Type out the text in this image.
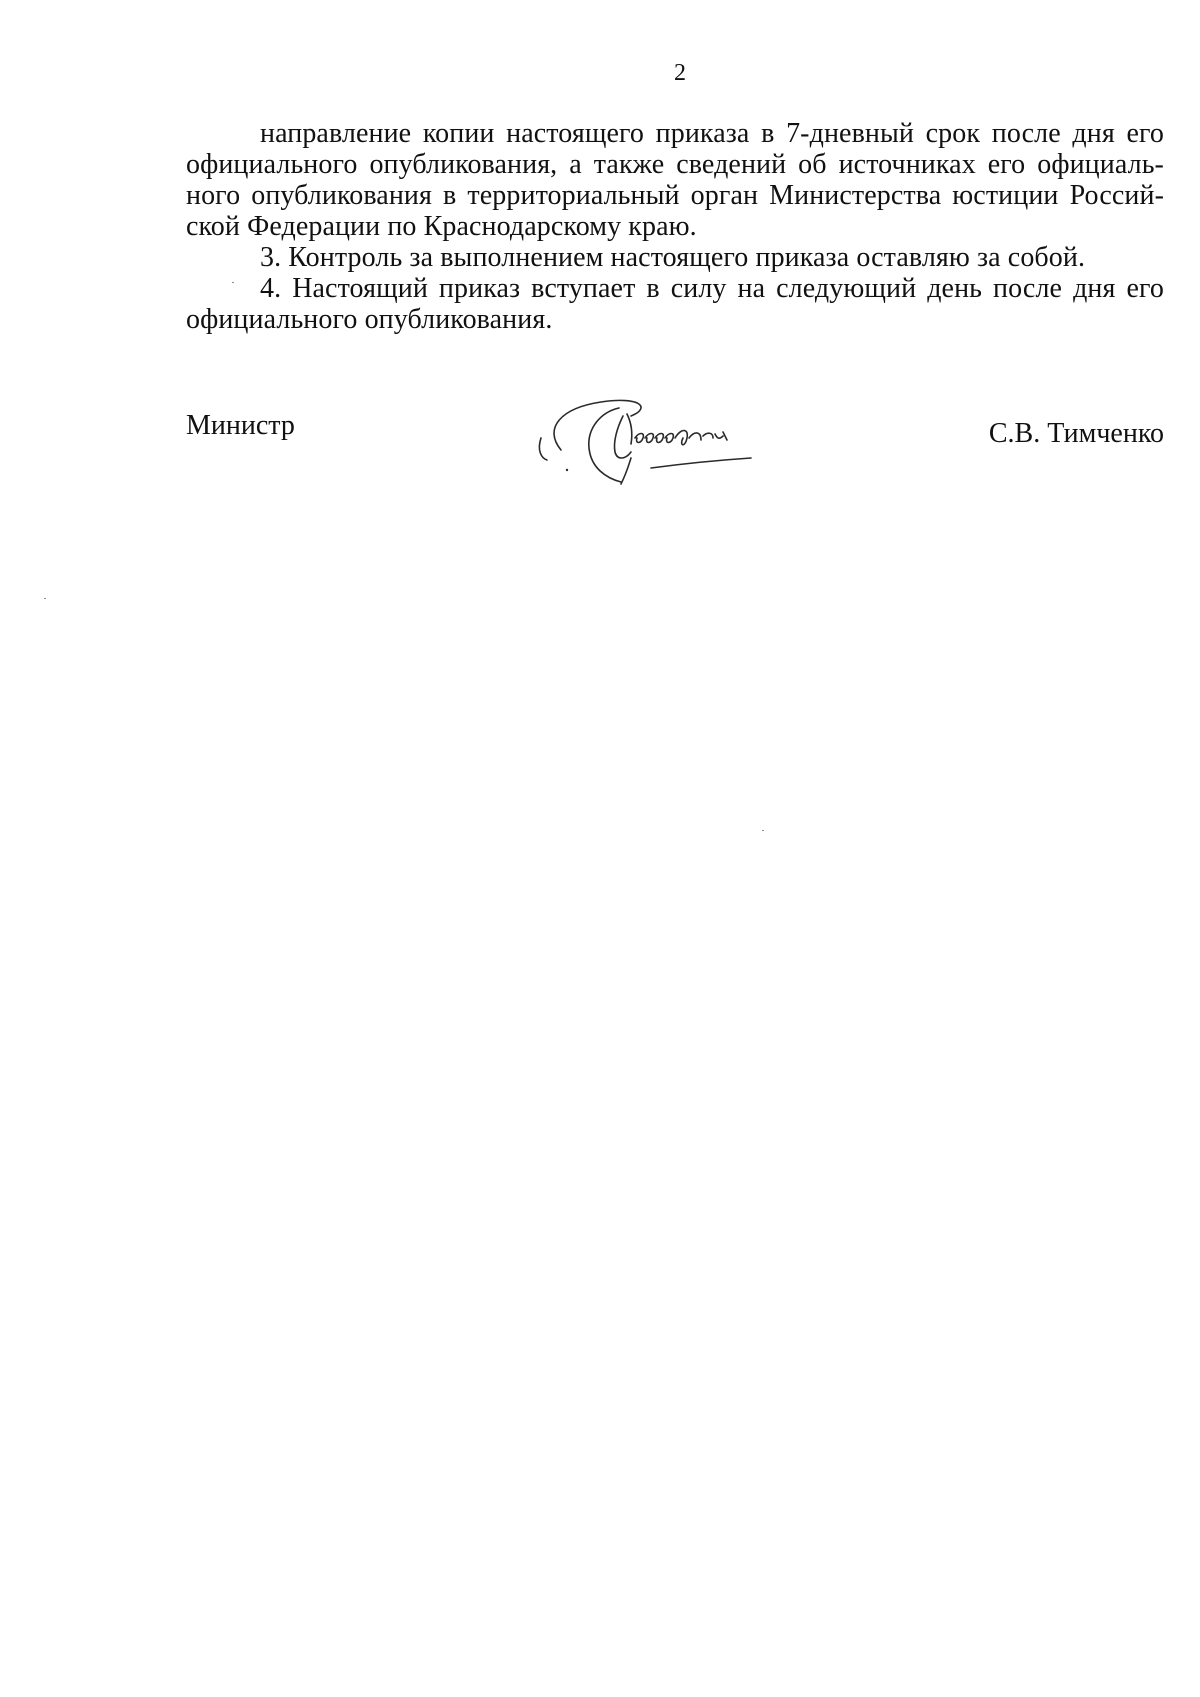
2

направление копии настоящего приказа в 7-дневный срок после дня его
официального опубликования, а также сведений об источниках его официаль-
ного опубликования в территориальный орган Министерства юстиции Россий-
ской Федерации по Краснодарскому краю.

3. Контроль за выполнением настоящего приказа оставляю за собой.

4. Настоящий приказ вступает в силу на следующий день после дня его
официального опубликования.

Министр	С.В. Тимченко
